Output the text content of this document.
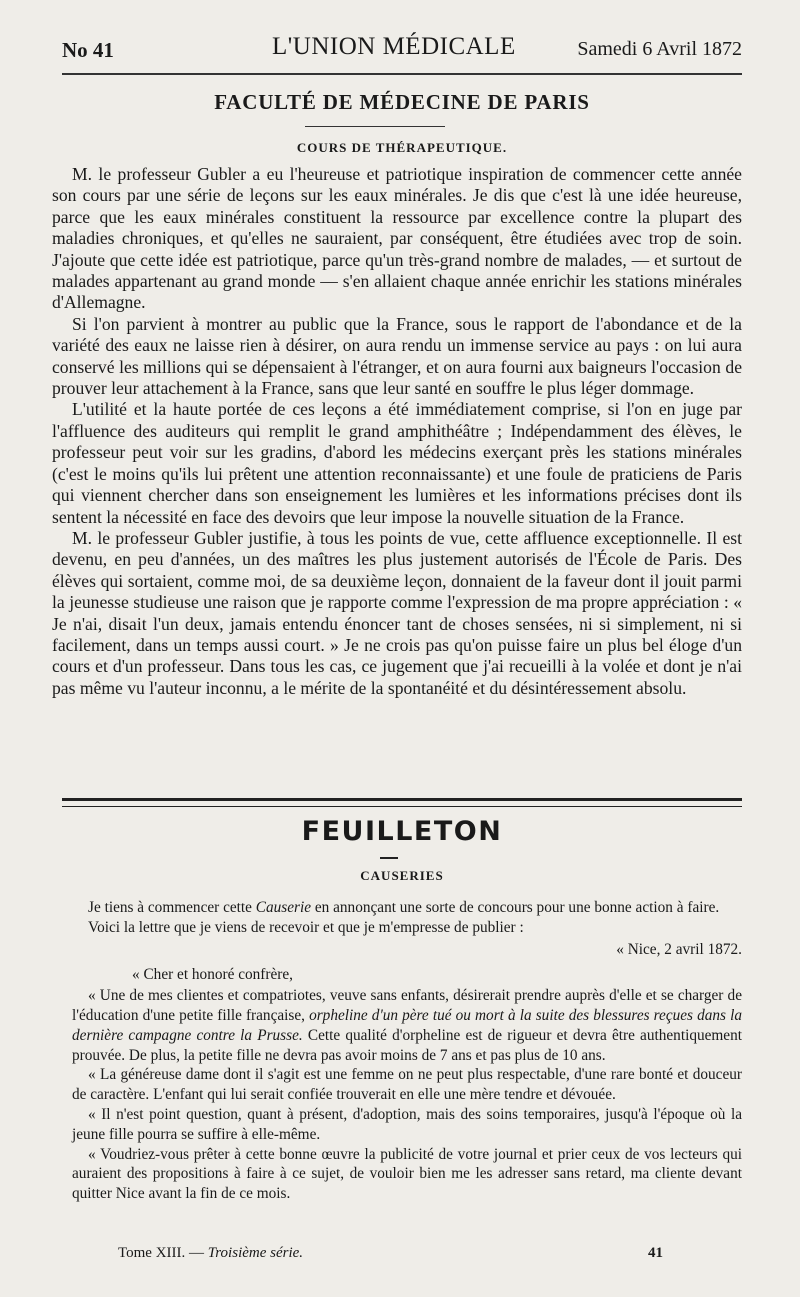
No 41	L'UNION MÉDICALE	Samedi 6 Avril 1872
FACULTÉ DE MÉDECINE DE PARIS
COURS DE THÉRAPEUTIQUE.

M. le professeur Gubler a eu l'heureuse et patriotique inspiration de commencer cette année son cours par une série de leçons sur les eaux minérales. Je dis que c'est là une idée heureuse, parce que les eaux minérales constituent la ressource par excellence contre la plupart des maladies chroniques, et qu'elles ne sauraient, par conséquent, être étudiées avec trop de soin. J'ajoute que cette idée est patriotique, parce qu'un très-grand nombre de malades, — et surtout de malades appartenant au grand monde — s'en allaient chaque année enrichir les stations minérales d'Allemagne.

Si l'on parvient à montrer au public que la France, sous le rapport de l'abondance et de la variété des eaux ne laisse rien à désirer, on aura rendu un immense service au pays : on lui aura conservé les millions qui se dépensaient à l'étranger, et on aura fourni aux baigneurs l'occasion de prouver leur attachement à la France, sans que leur santé en souffre le plus léger dommage.

L'utilité et la haute portée de ces leçons a été immédiatement comprise, si l'on en juge par l'affluence des auditeurs qui remplit le grand amphithéâtre ; Indépendamment des élèves, le professeur peut voir sur les gradins, d'abord les médecins exerçant près les stations minérales (c'est le moins qu'ils lui prêtent une attention reconnaissante) et une foule de praticiens de Paris qui viennent chercher dans son enseignement les lumières et les informations précises dont ils sentent la nécessité en face des devoirs que leur impose la nouvelle situation de la France.

M. le professeur Gubler justifie, à tous les points de vue, cette affluence exceptionnelle. Il est devenu, en peu d'années, un des maîtres les plus justement autorisés de l'École de Paris. Des élèves qui sortaient, comme moi, de sa deuxième leçon, donnaient de la faveur dont il jouit parmi la jeunesse studieuse une raison que je rapporte comme l'expression de ma propre appréciation : « Je n'ai, disait l'un deux, jamais entendu énoncer tant de choses sensées, ni si simplement, ni si facilement, dans un temps aussi court. » Je ne crois pas qu'on puisse faire un plus bel éloge d'un cours et d'un professeur. Dans tous les cas, ce jugement que j'ai recueilli à la volée et dont je n'ai pas même vu l'auteur inconnu, a le mérite de la spontanéité et du désintéressement absolu.

FEUILLETON
CAUSERIES

Je tiens à commencer cette Causerie en annonçant une sorte de concours pour une bonne action à faire.

Voici la lettre que je viens de recevoir et que je m'empresse de publier :

« Nice, 2 avril 1872.

« Cher et honoré confrère,

« Une de mes clientes et compatriotes, veuve sans enfants, désirerait prendre auprès d'elle et se charger de l'éducation d'une petite fille française, orpheline d'un père tué ou mort à la suite des blessures reçues dans la dernière campagne contre la Prusse. Cette qualité d'orpheline est de rigueur et devra être authentiquement prouvée. De plus, la petite fille ne devra pas avoir moins de 7 ans et pas plus de 10 ans.

« La généreuse dame dont il s'agit est une femme on ne peut plus respectable, d'une rare bonté et douceur de caractère. L'enfant qui lui serait confiée trouverait en elle une mère tendre et dévouée.

« Il n'est point question, quant à présent, d'adoption, mais des soins temporaires, jusqu'à l'époque où la jeune fille pourra se suffire à elle-même.

« Voudriez-vous prêter à cette bonne œuvre la publicité de votre journal et prier ceux de vos lecteurs qui auraient des propositions à faire à ce sujet, de vouloir bien me les adresser sans retard, ma cliente devant quitter Nice avant la fin de ce mois.

Tome XIII. — Troisième série.	41
